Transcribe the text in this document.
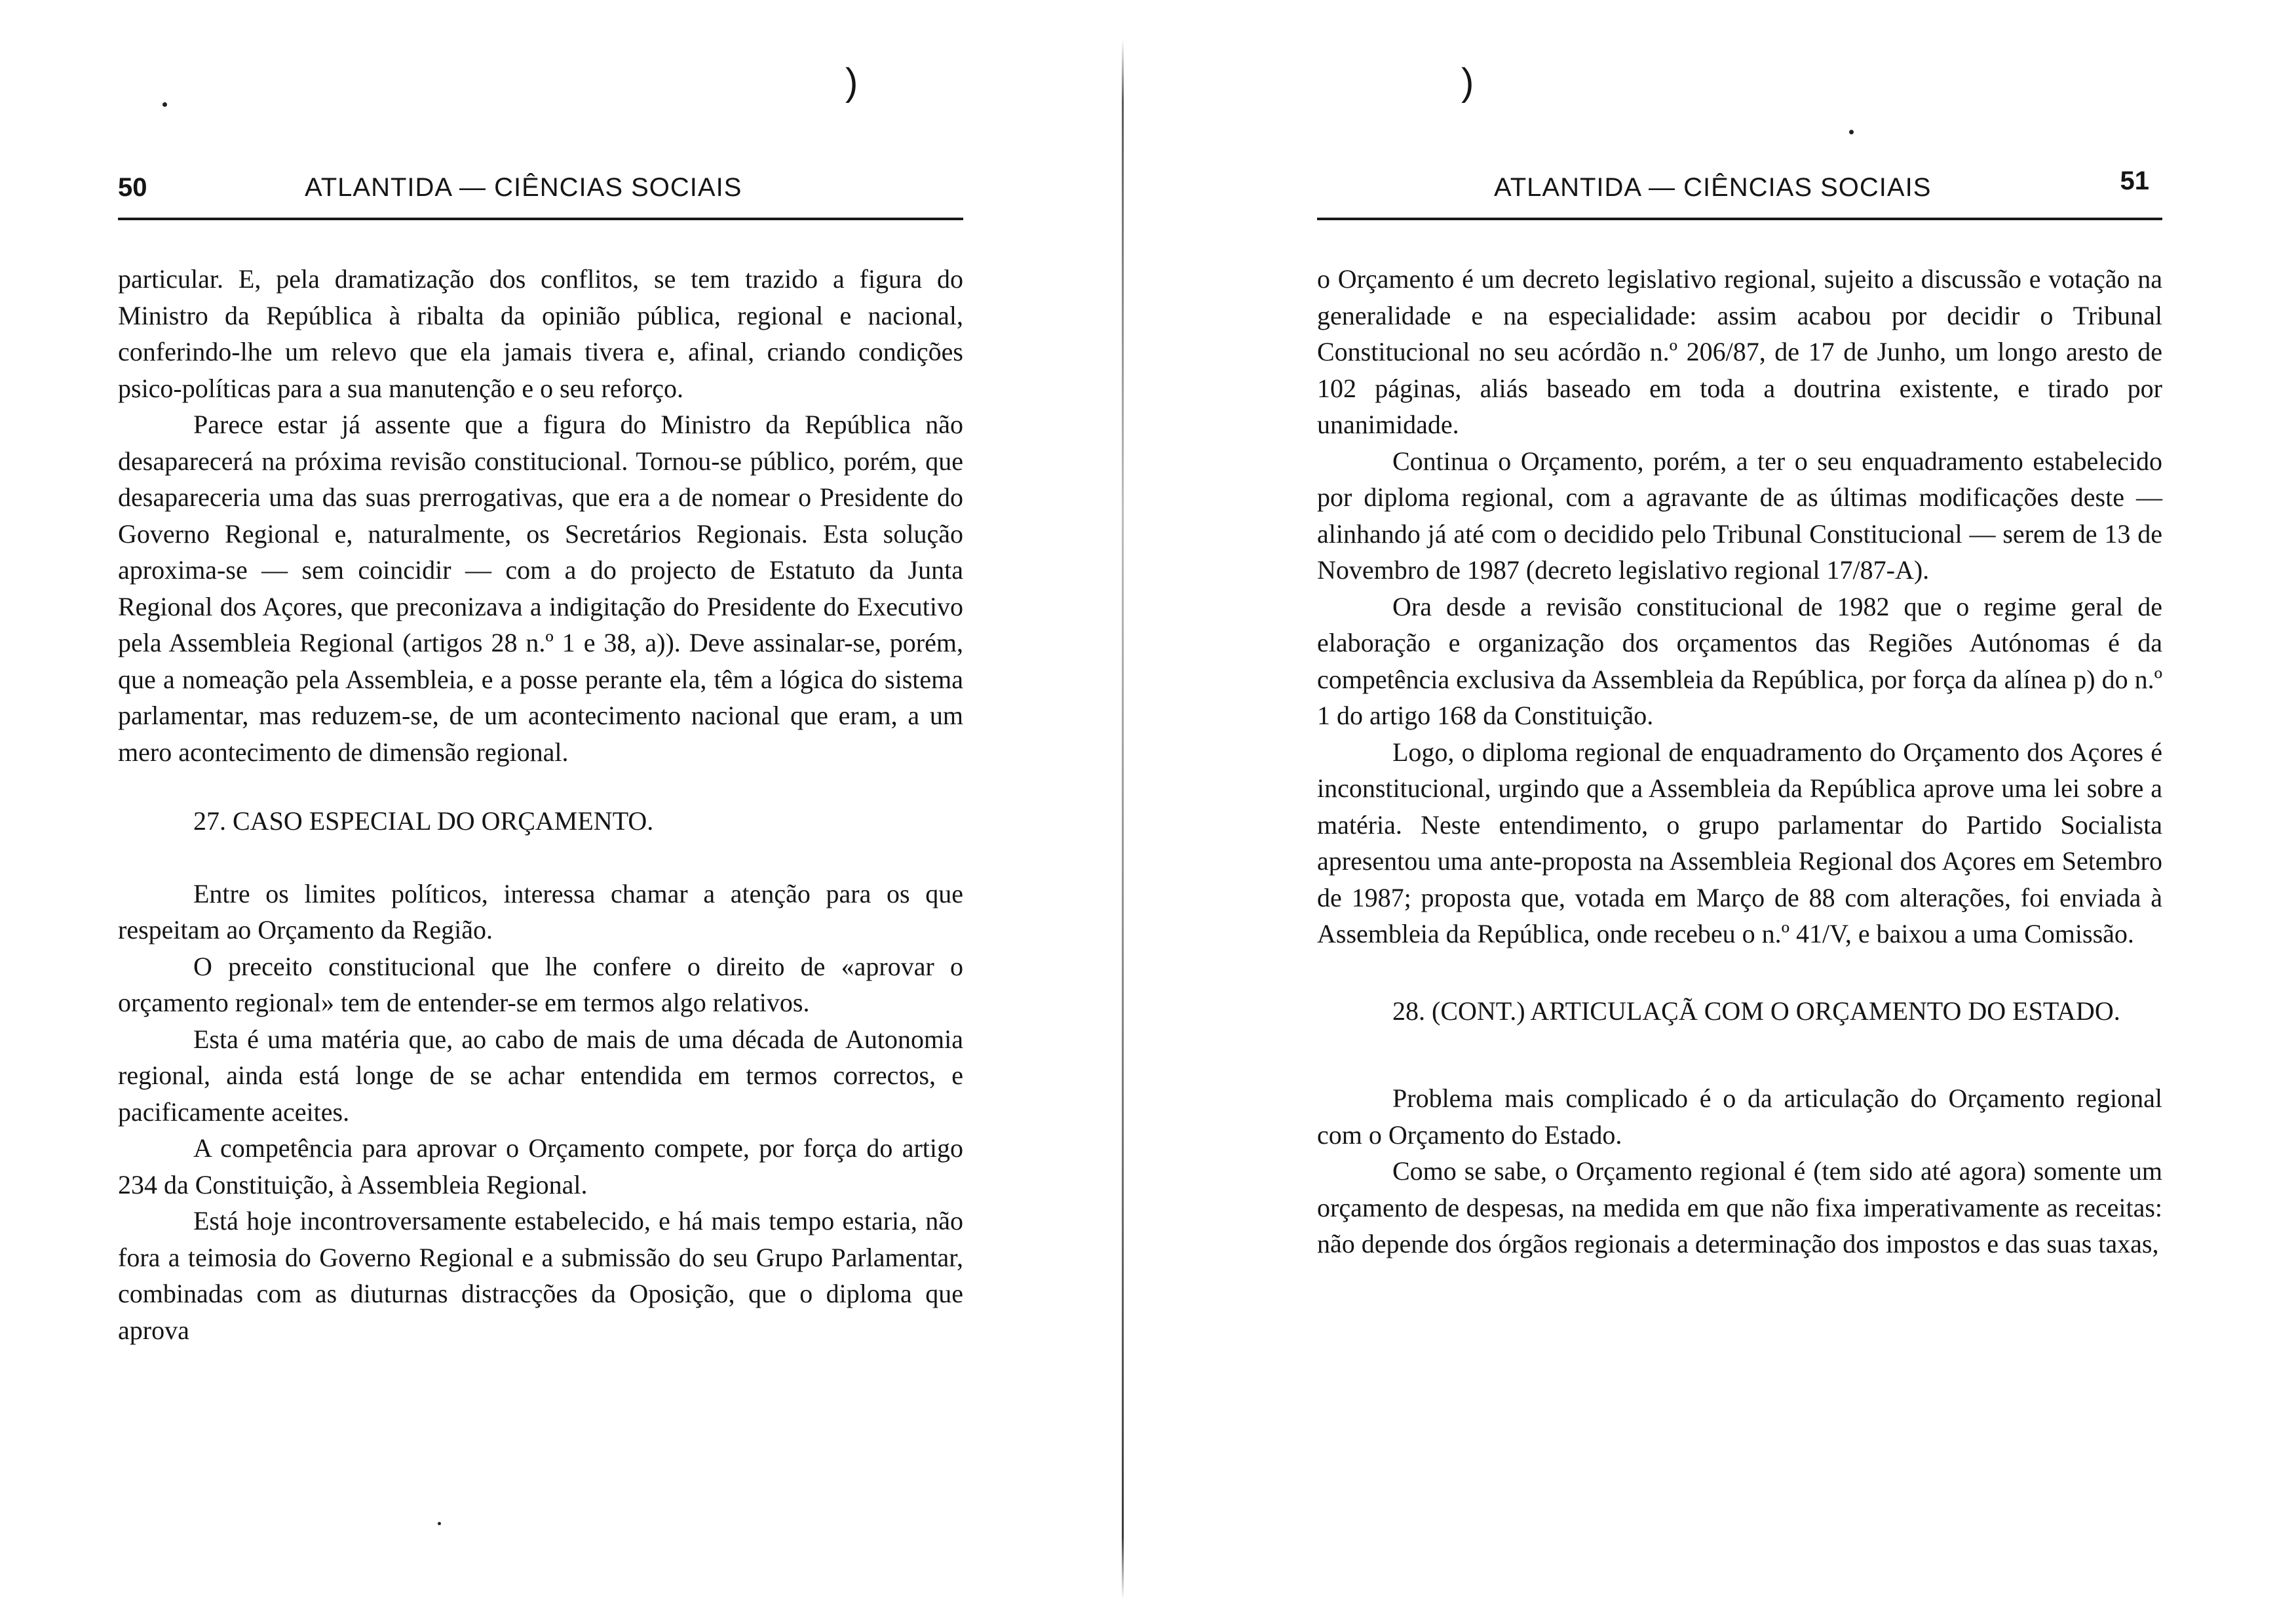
)
50	ATLANTIDA — CIÊNCIAS SOCIAIS

particular. E, pela dramatização dos conflitos, se tem trazido a figura do Ministro da República à ribalta da opinião pública, regional e nacional, conferindo-lhe um relevo que ela jamais tivera e, afinal, criando condições psico-políticas para a sua manutenção e o seu reforço.

Parece estar já assente que a figura do Ministro da República não desaparecerá na próxima revisão constitucional. Tornou-se público, porém, que desapareceria uma das suas prerrogativas, que era a de nomear o Presidente do Governo Regional e, naturalmente, os Secretários Regionais. Esta solução aproxima-se — sem coincidir — com a do projecto de Estatuto da Junta Regional dos Açores, que preconizava a indigitação do Presidente do Executivo pela Assembleia Regional (artigos 28 n.º 1 e 38, a)). Deve assinalar-se, porém, que a nomeação pela Assembleia, e a posse perante ela, têm a lógica do sistema parlamentar, mas reduzem-se, de um acontecimento nacional que eram, a um mero acontecimento de dimensão regional.

27. CASO ESPECIAL DO ORÇAMENTO.

Entre os limites políticos, interessa chamar a atenção para os que respeitam ao Orçamento da Região.

O preceito constitucional que lhe confere o direito de «aprovar o orçamento regional» tem de entender-se em termos algo relativos.

Esta é uma matéria que, ao cabo de mais de uma década de Autonomia regional, ainda está longe de se achar entendida em termos correctos, e pacificamente aceites.

A competência para aprovar o Orçamento compete, por força do artigo 234 da Constituição, à Assembleia Regional.

Está hoje incontroversamente estabelecido, e há mais tempo estaria, não fora a teimosia do Governo Regional e a submissão do seu Grupo Parlamentar, combinadas com as diuturnas distracções da Oposição, que o diploma que aprova

)
ATLANTIDA — CIÊNCIAS SOCIAIS	51

o Orçamento é um decreto legislativo regional, sujeito a discussão e votação na generalidade e na especialidade: assim acabou por decidir o Tribunal Constitucional no seu acórdão n.º 206/87, de 17 de Junho, um longo aresto de 102 páginas, aliás baseado em toda a doutrina existente, e tirado por unanimidade.

Continua o Orçamento, porém, a ter o seu enquadramento estabelecido por diploma regional, com a agravante de as últimas modificações deste — alinhando já até com o decidido pelo Tribunal Constitucional — serem de 13 de Novembro de 1987 (decreto legislativo regional 17/87-A).

Ora desde a revisão constitucional de 1982 que o regime geral de elaboração e organização dos orçamentos das Regiões Autónomas é da competência exclusiva da Assembleia da República, por força da alínea p) do n.º 1 do artigo 168 da Constituição.

Logo, o diploma regional de enquadramento do Orçamento dos Açores é inconstitucional, urgindo que a Assembleia da República aprove uma lei sobre a matéria. Neste entendimento, o grupo parlamentar do Partido Socialista apresentou uma ante-proposta na Assembleia Regional dos Açores em Setembro de 1987; proposta que, votada em Março de 88 com alterações, foi enviada à Assembleia da República, onde recebeu o n.º 41/V, e baixou a uma Comissão.

28. (CONT.) ARTICULAÇÃ COM O ORÇAMENTO DO ESTADO.

Problema mais complicado é o da articulação do Orçamento regional com o Orçamento do Estado.

Como se sabe, o Orçamento regional é (tem sido até agora) somente um orçamento de despesas, na medida em que não fixa imperativamente as receitas: não depende dos órgãos regionais a determinação dos impostos e das suas taxas,
